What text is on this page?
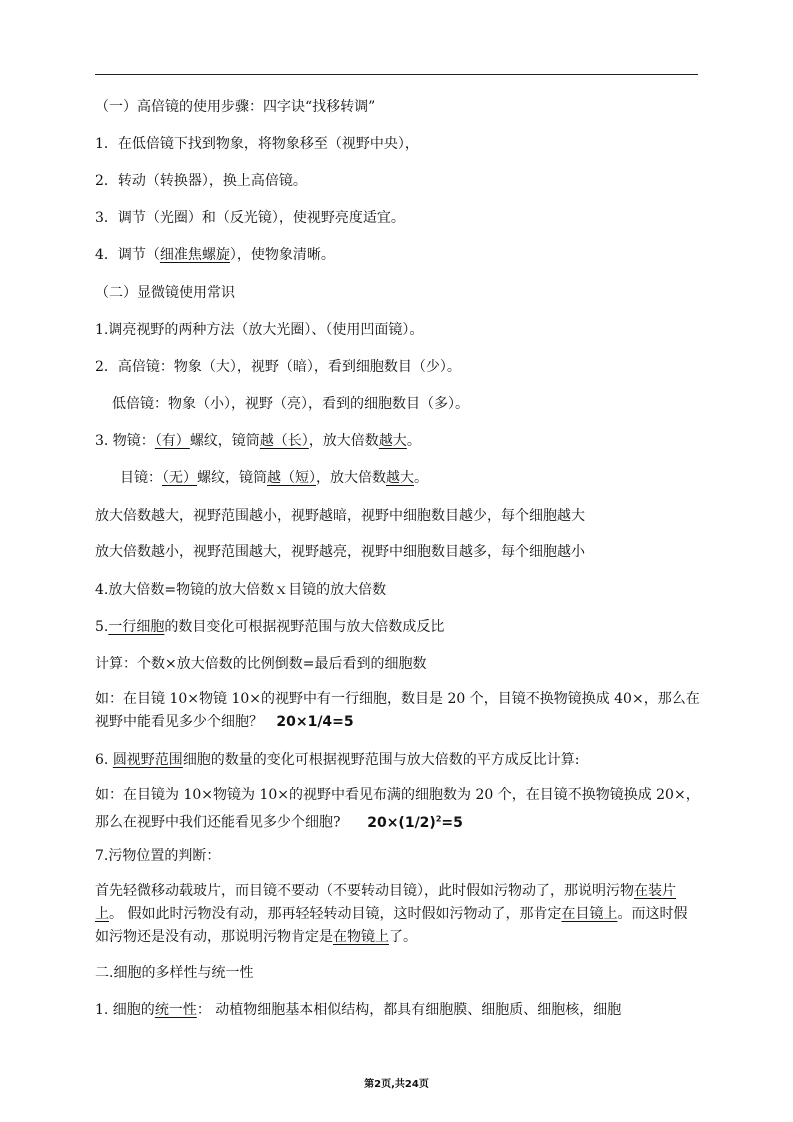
（一）高倍镜的使用步骤：四字诀“找移转调”
1．在低倍镜下找到物象，将物象移至（视野中央），
2．转动（转换器），换上高倍镜。
3．调节（光圈）和（反光镜），使视野亮度适宜。
4．调节（细准焦螺旋），使物象清晰。
（二）显微镜使用常识
1.调亮视野的两种方法（放大光圈）、（使用凹面镜）。
2．高倍镜：物象（大），视野（暗），看到细胞数目（少）。
低倍镜：物象（小），视野（亮），看到的细胞数目（多）。
3. 物镜：（有）螺纹，镜筒越（长），放大倍数越大。
目镜：（无）螺纹，镜筒越（短），放大倍数越大。
放大倍数越大，视野范围越小，视野越暗，视野中细胞数目越少，每个细胞越大
放大倍数越小，视野范围越大，视野越亮，视野中细胞数目越多，每个细胞越小
4.放大倍数=物镜的放大倍数ｘ目镜的放大倍数
5.一行细胞的数目变化可根据视野范围与放大倍数成反比
计算：个数×放大倍数的比例倒数=最后看到的细胞数
如：在目镜 10×物镜 10×的视野中有一行细胞，数目是 20 个，目镜不换物镜换成 40×，那么在视野中能看见多少个细胞？ 20×1/4=5
6. 圆视野范围细胞的数量的变化可根据视野范围与放大倍数的平方成反比计算:
如：在目镜为 10×物镜为 10×的视野中看见布满的细胞数为 20 个，在目镜不换物镜换成 20×，那么在视野中我们还能看见多少个细胞? $20\times(1/2)^2=5$
7.污物位置的判断：
首先轻微移动载玻片，而目镜不要动（不要转动目镜），此时假如污物动了，那说明污物在装片上。 假如此时污物没有动，那再轻轻转动目镜，这时假如污物动了，那肯定在目镜上。而这时假如污物还是没有动，那说明污物肯定是在物镜上了。
二.细胞的多样性与统一性
1. 细胞的统一性： 动植物细胞基本相似结构，都具有细胞膜、细胞质、细胞核，细胞
第2页,共24页
